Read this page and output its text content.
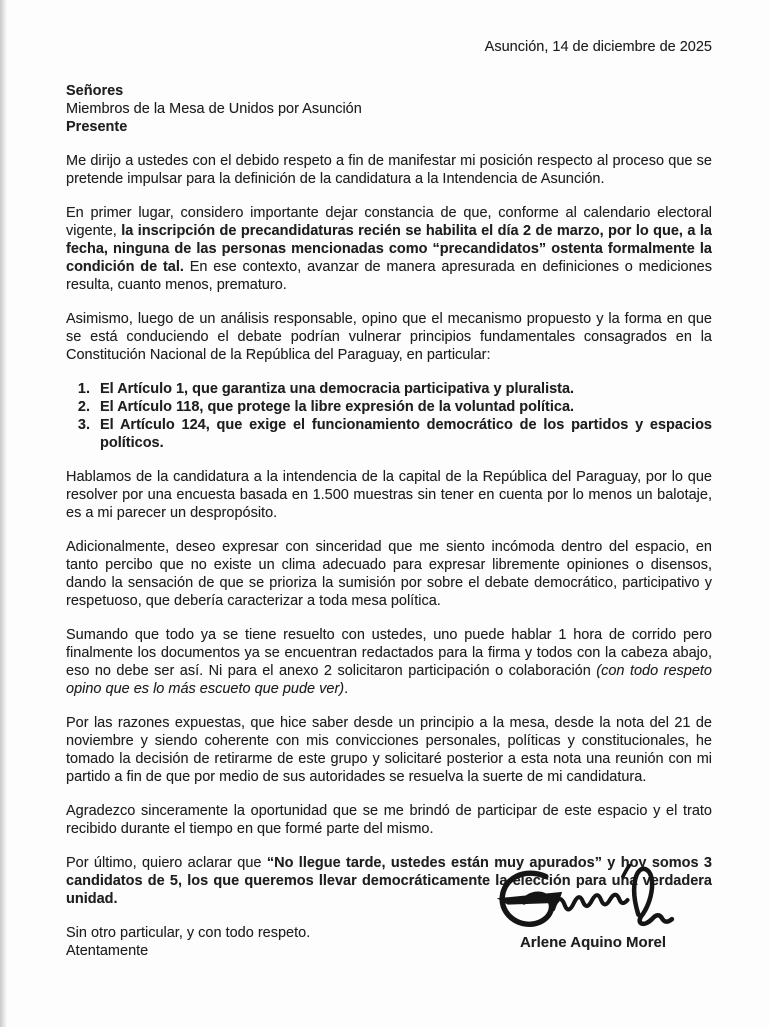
Asunción, 14 de diciembre de 2025

Señores

Miembros de la Mesa de Unidos por Asunción

Presente

Me dirijo a ustedes con el debido respeto a fin de manifestar mi posición respecto al proceso que se pretende impulsar para la definición de la candidatura a la Intendencia de Asunción.

En primer lugar, considero importante dejar constancia de que, conforme al calendario electoral vigente, la inscripción de precandidaturas recién se habilita el día 2 de marzo, por lo que, a la fecha, ninguna de las personas mencionadas como “precandidatos” ostenta formalmente la condición de tal. En ese contexto, avanzar de manera apresurada en definiciones o mediciones resulta, cuanto menos, prematuro.

Asimismo, luego de un análisis responsable, opino que el mecanismo propuesto y la forma en que se está conduciendo el debate podrían vulnerar principios fundamentales consagrados en la Constitución Nacional de la República del Paraguay, en particular:

1. El Artículo 1, que garantiza una democracia participativa y pluralista.
2. El Artículo 118, que protege la libre expresión de la voluntad política.
3. El Artículo 124, que exige el funcionamiento democrático de los partidos y espacios políticos.

Hablamos de la candidatura a la intendencia de la capital de la República del Paraguay, por lo que resolver por una encuesta basada en 1.500 muestras sin tener en cuenta por lo menos un balotaje, es a mi parecer un despropósito.

Adicionalmente, deseo expresar con sinceridad que me siento incómoda dentro del espacio, en tanto percibo que no existe un clima adecuado para expresar libremente opiniones o disensos, dando la sensación de que se prioriza la sumisión por sobre el debate democrático, participativo y respetuoso, que debería caracterizar a toda mesa política.

Sumando que todo ya se tiene resuelto con ustedes, uno puede hablar 1 hora de corrido pero finalmente los documentos ya se encuentran redactados para la firma y todos con la cabeza abajo, eso no debe ser así. Ni para el anexo 2 solicitaron participación o colaboración (con todo respeto opino que es lo más escueto que pude ver).

Por las razones expuestas, que hice saber desde un principio a la mesa, desde la nota del 21 de noviembre y siendo coherente con mis convicciones personales, políticas y constitucionales, he tomado la decisión de retirarme de este grupo y solicitaré posterior a esta nota una reunión con mi partido a fin de que por medio de sus autoridades se resuelva la suerte de mi candidatura.

Agradezco sinceramente la oportunidad que se me brindó de participar de este espacio y el trato recibido durante el tiempo en que formé parte del mismo.

Por último, quiero aclarar que “No llegue tarde, ustedes están muy apurados” y hoy somos 3 candidatos de 5, los que queremos llevar democráticamente la elección para una verdadera unidad.

Sin otro particular, y con todo respeto.

Atentamente	Arlene Aquino Morel
